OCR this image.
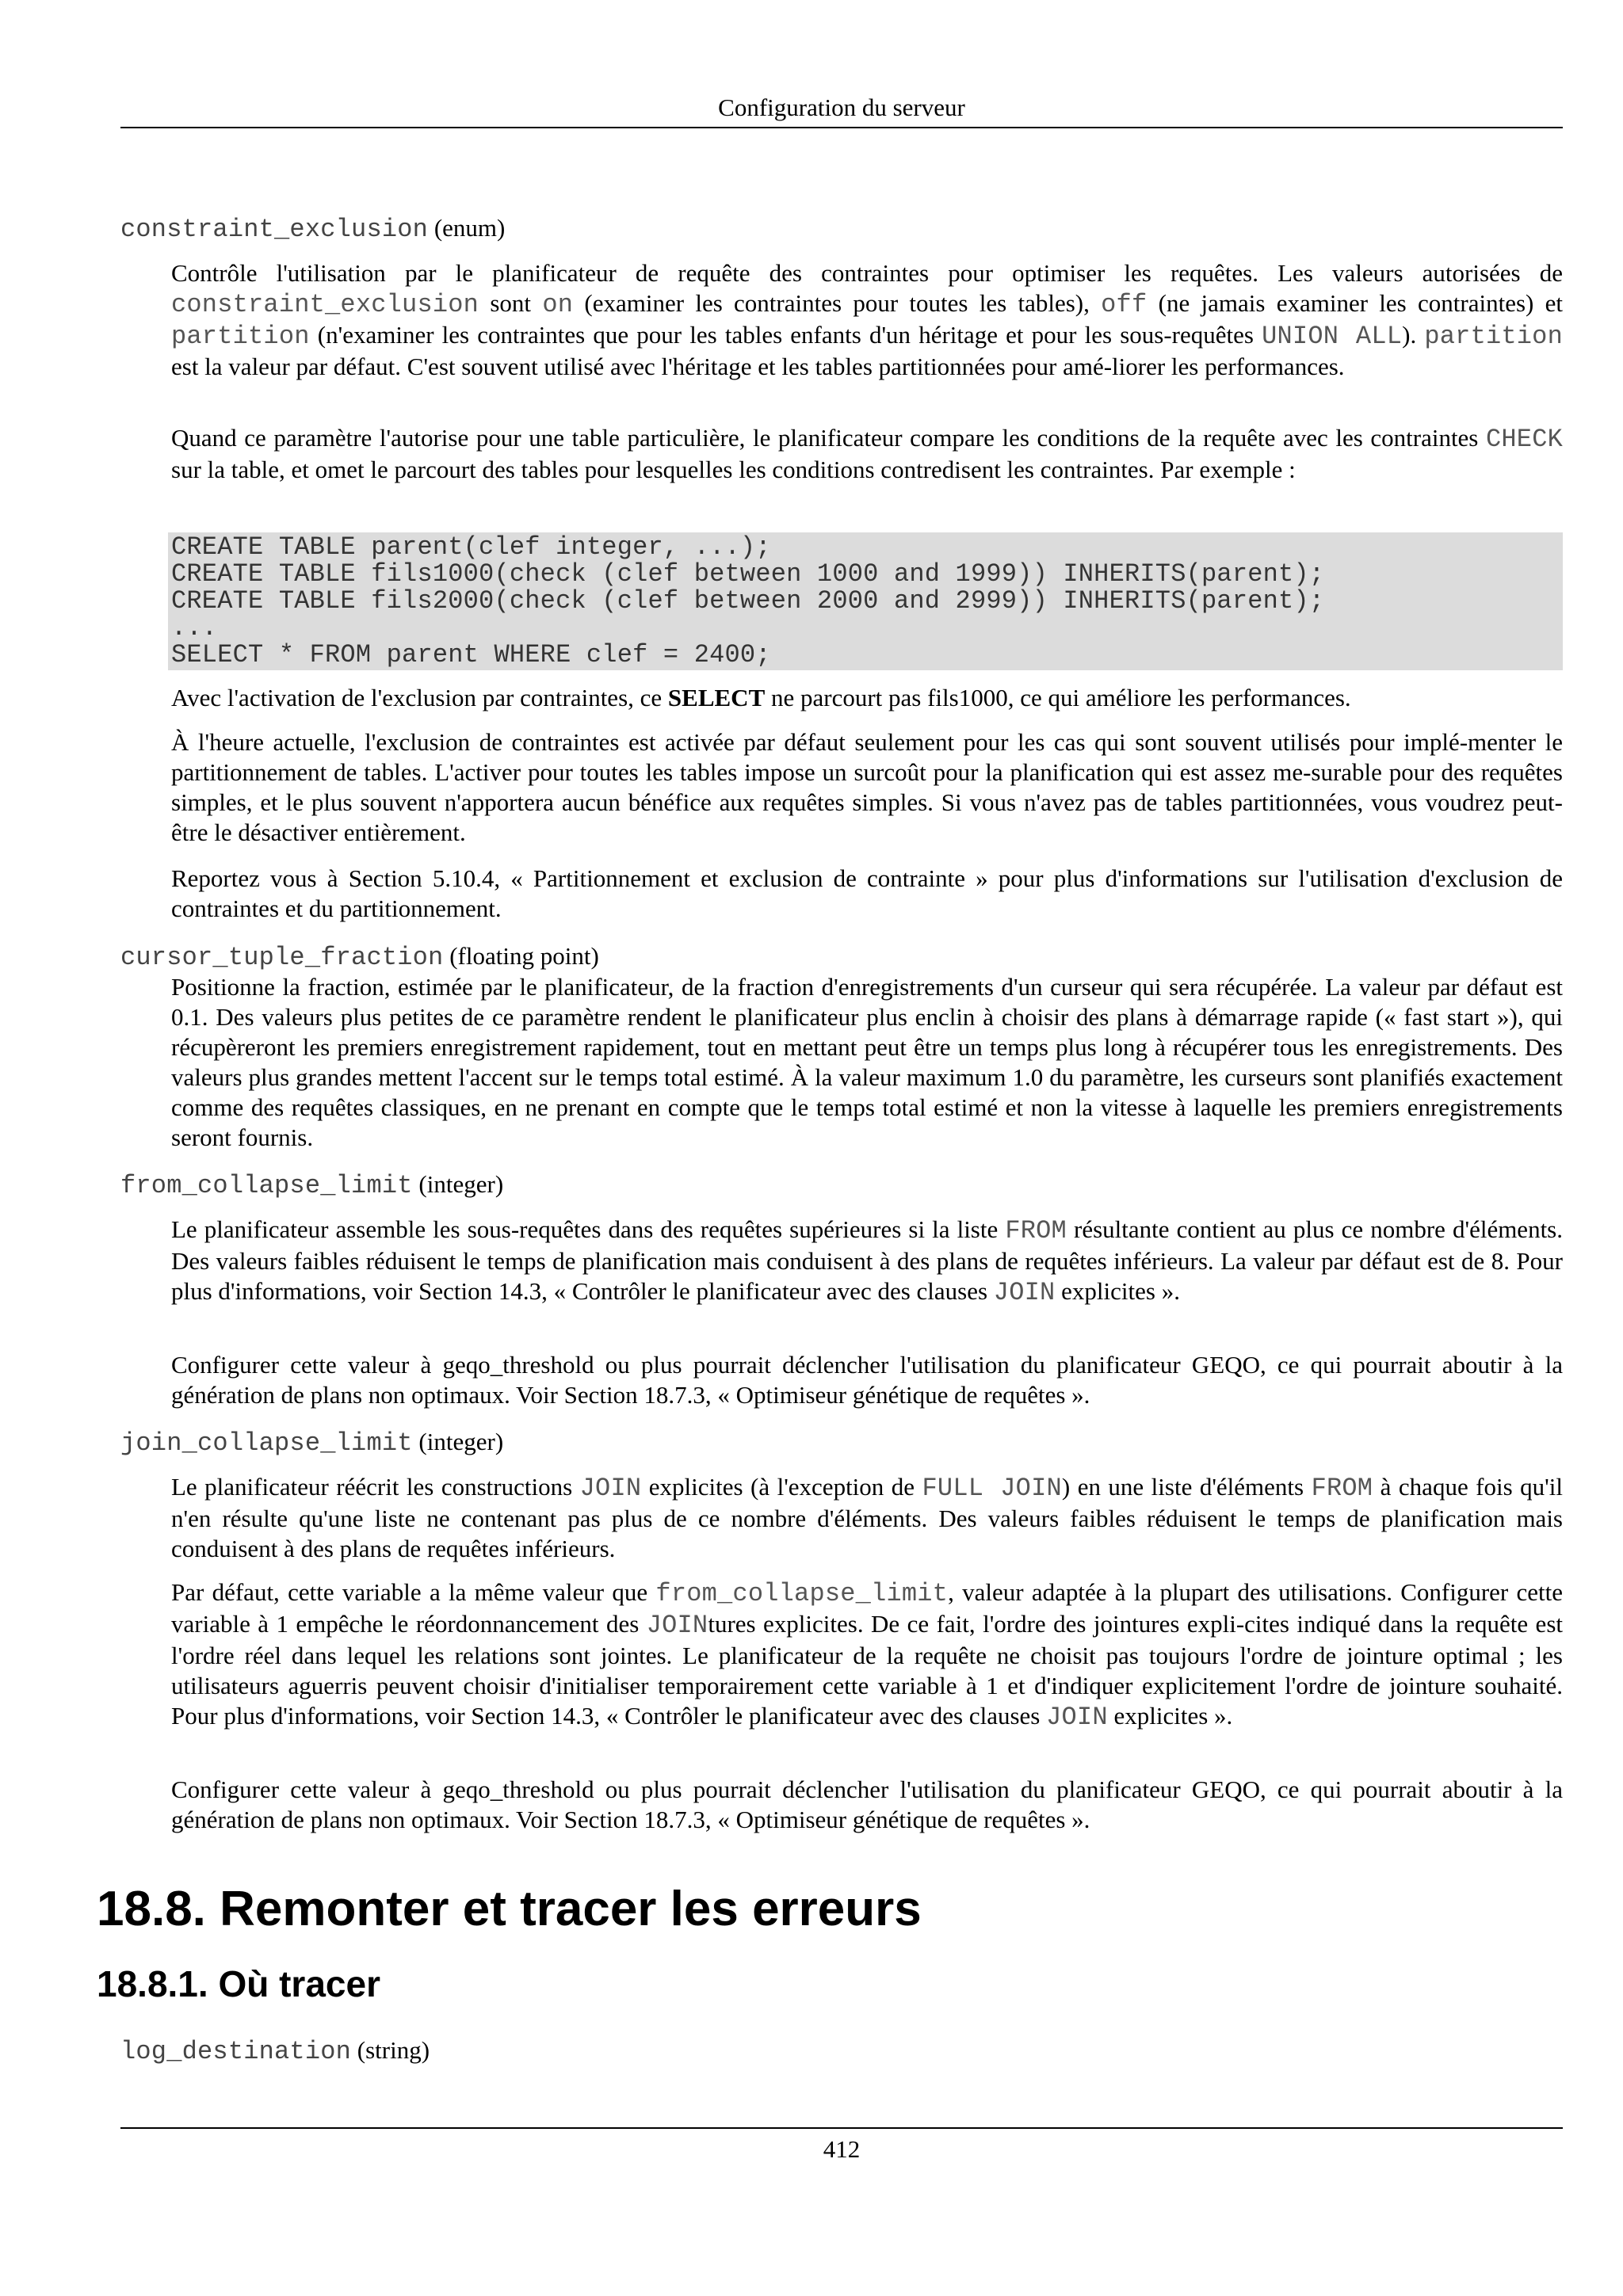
Configuration du serveur
constraint_exclusion (enum)

Contrôle l'utilisation par le planificateur de requête des contraintes pour optimiser les requêtes. Les valeurs autorisées de constraint_exclusion sont on (examiner les contraintes pour toutes les tables), off (ne jamais examiner les contraintes) et partition (n'examiner les contraintes que pour les tables enfants d'un héritage et pour les sous-requêtes UNION ALL). partition est la valeur par défaut. C'est souvent utilisé avec l'héritage et les tables partitionnées pour amé-liorer les performances.

Quand ce paramètre l'autorise pour une table particulière, le planificateur compare les conditions de la requête avec les contraintes CHECK sur la table, et omet le parcourt des tables pour lesquelles les conditions contredisent les contraintes. Par exemple :

CREATE TABLE parent(clef integer, ...);
CREATE TABLE fils1000(check (clef between 1000 and 1999)) INHERITS(parent);
CREATE TABLE fils2000(check (clef between 2000 and 2999)) INHERITS(parent);
...
SELECT * FROM parent WHERE clef = 2400;

Avec l'activation de l'exclusion par contraintes, ce SELECT ne parcourt pas fils1000, ce qui améliore les performances.

À l'heure actuelle, l'exclusion de contraintes est activée par défaut seulement pour les cas qui sont souvent utilisés pour implé-menter le partitionnement de tables. L'activer pour toutes les tables impose un surcoût pour la planification qui est assez me-surable pour des requêtes simples, et le plus souvent n'apportera aucun bénéfice aux requêtes simples. Si vous n'avez pas de tables partitionnées, vous voudrez peut-être le désactiver entièrement.

Reportez vous à Section 5.10.4, « Partitionnement et exclusion de contrainte » pour plus d'informations sur l'utilisation d'exclusion de contraintes et du partitionnement.

cursor_tuple_fraction (floating point)

Positionne la fraction, estimée par le planificateur, de la fraction d'enregistrements d'un curseur qui sera récupérée. La valeur par défaut est 0.1. Des valeurs plus petites de ce paramètre rendent le planificateur plus enclin à choisir des plans à démarrage rapide (« fast start »), qui récupèreront les premiers enregistrement rapidement, tout en mettant peut être un temps plus long à récupérer tous les enregistrements. Des valeurs plus grandes mettent l'accent sur le temps total estimé. À la valeur maximum 1.0 du paramètre, les curseurs sont planifiés exactement comme des requêtes classiques, en ne prenant en compte que le temps total estimé et non la vitesse à laquelle les premiers enregistrements seront fournis.

from_collapse_limit (integer)

Le planificateur assemble les sous-requêtes dans des requêtes supérieures si la liste FROM résultante contient au plus ce nombre d'éléments. Des valeurs faibles réduisent le temps de planification mais conduisent à des plans de requêtes inférieurs. La valeur par défaut est de 8. Pour plus d'informations, voir Section 14.3, « Contrôler le planificateur avec des clauses JOIN explicites ».

Configurer cette valeur à geqo_threshold ou plus pourrait déclencher l'utilisation du planificateur GEQO, ce qui pourrait aboutir à la génération de plans non optimaux. Voir Section 18.7.3, « Optimiseur génétique de requêtes ».

join_collapse_limit (integer)

Le planificateur réécrit les constructions JOIN explicites (à l'exception de FULL JOIN) en une liste d'éléments FROM à chaque fois qu'il n'en résulte qu'une liste ne contenant pas plus de ce nombre d'éléments. Des valeurs faibles réduisent le temps de planification mais conduisent à des plans de requêtes inférieurs.

Par défaut, cette variable a la même valeur que from_collapse_limit, valeur adaptée à la plupart des utilisations. Configurer cette variable à 1 empêche le réordonnancement des JOINtures explicites. De ce fait, l'ordre des jointures expli-cites indiqué dans la requête est l'ordre réel dans lequel les relations sont jointes. Le planificateur de la requête ne choisit pas toujours l'ordre de jointure optimal ; les utilisateurs aguerris peuvent choisir d'initialiser temporairement cette variable à 1 et d'indiquer explicitement l'ordre de jointure souhaité. Pour plus d'informations, voir Section 14.3, « Contrôler le planificateur avec des clauses JOIN explicites ».

Configurer cette valeur à geqo_threshold ou plus pourrait déclencher l'utilisation du planificateur GEQO, ce qui pourrait aboutir à la génération de plans non optimaux. Voir Section 18.7.3, « Optimiseur génétique de requêtes ».

18.8. Remonter et tracer les erreurs
18.8.1. Où tracer
log_destination (string)
412
